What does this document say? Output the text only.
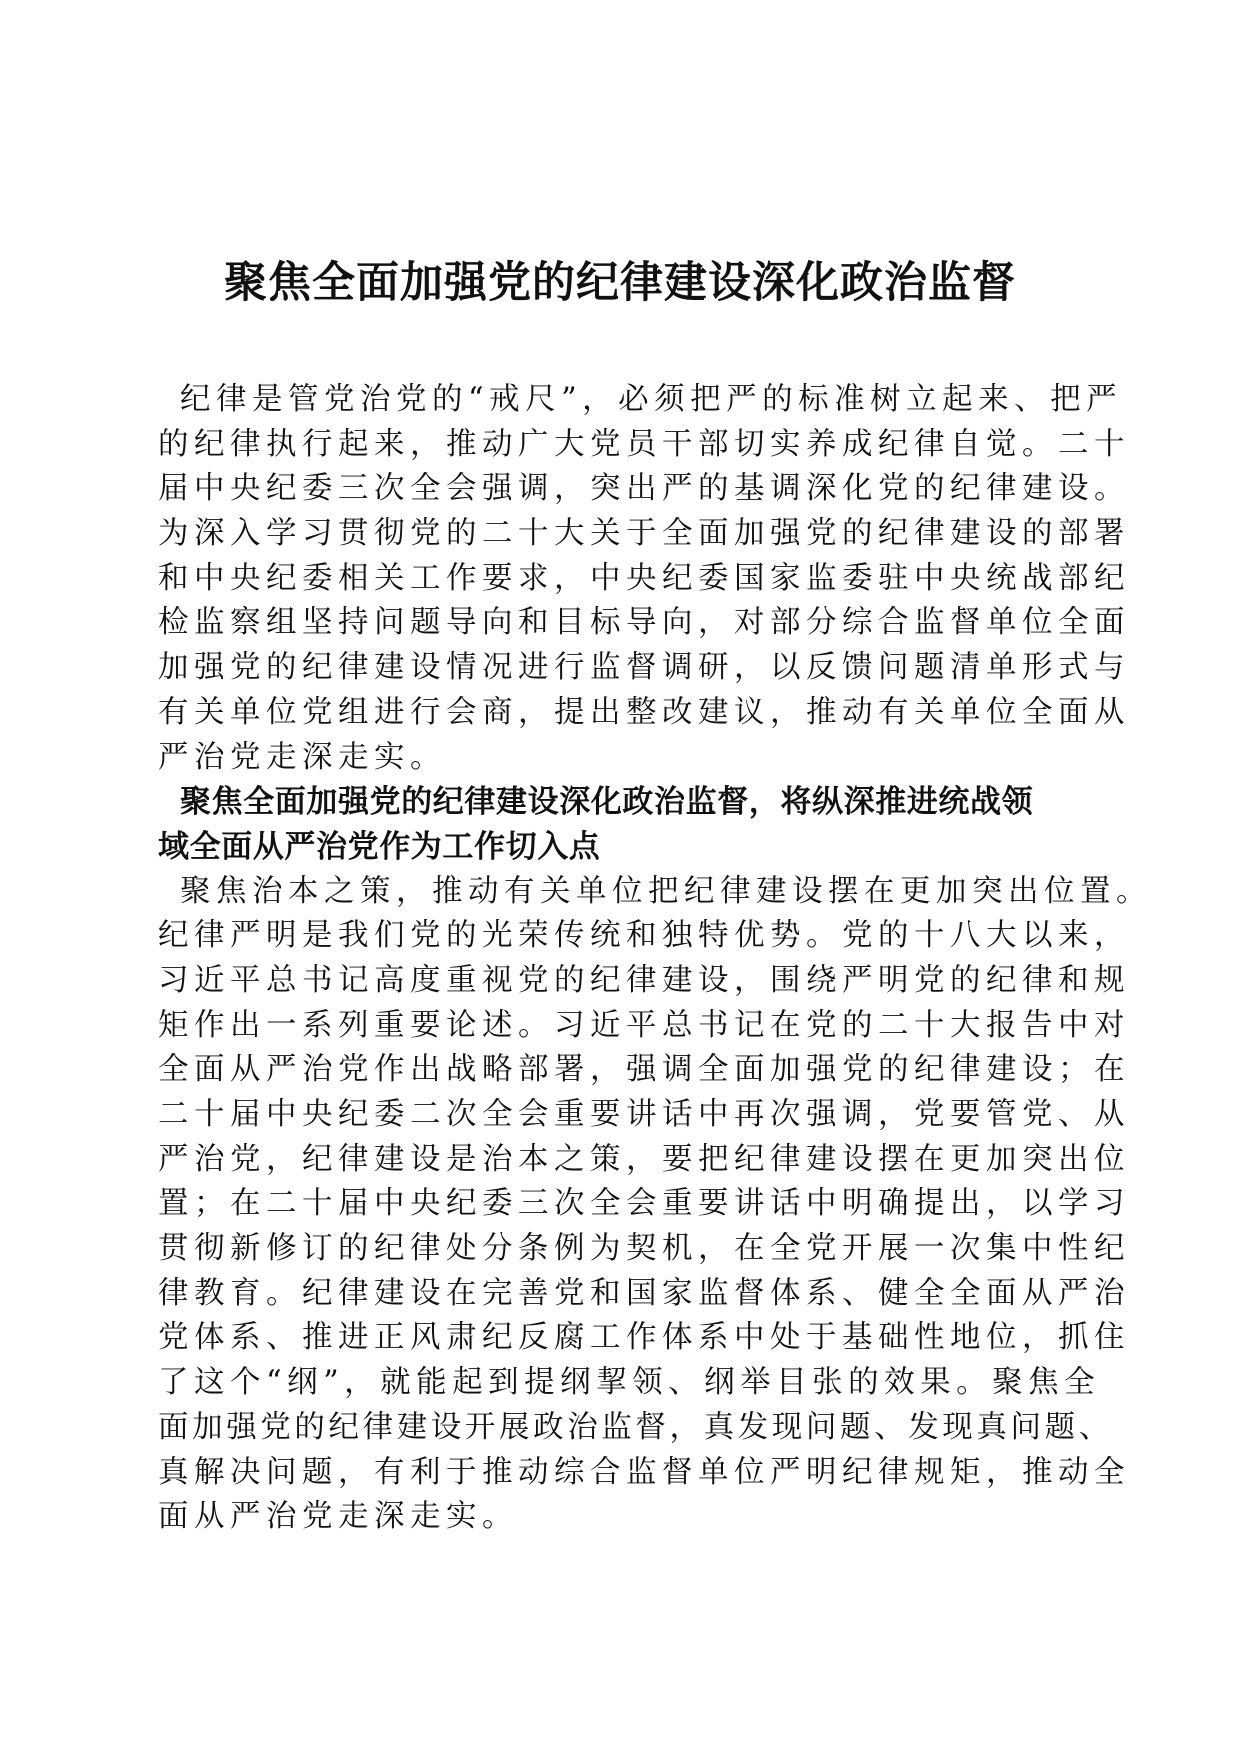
聚焦全面加强党的纪律建设深化政治监督
纪律是管党治党的“戒尺”，必须把严的标准树立起来、把严
的纪律执行起来，推动广大党员干部切实养成纪律自觉。二十
届中央纪委三次全会强调，突出严的基调深化党的纪律建设。
为深入学习贯彻党的二十大关于全面加强党的纪律建设的部署
和中央纪委相关工作要求，中央纪委国家监委驻中央统战部纪
检监察组坚持问题导向和目标导向，对部分综合监督单位全面
加强党的纪律建设情况进行监督调研，以反馈问题清单形式与
有关单位党组进行会商，提出整改建议，推动有关单位全面从
严治党走深走实。
聚焦全面加强党的纪律建设深化政治监督，将纵深推进统战领
域全面从严治党作为工作切入点
聚焦治本之策，推动有关单位把纪律建设摆在更加突出位置。
纪律严明是我们党的光荣传统和独特优势。党的十八大以来，
习近平总书记高度重视党的纪律建设，围绕严明党的纪律和规
矩作出一系列重要论述。习近平总书记在党的二十大报告中对
全面从严治党作出战略部署，强调全面加强党的纪律建设；在
二十届中央纪委二次全会重要讲话中再次强调，党要管党、从
严治党，纪律建设是治本之策，要把纪律建设摆在更加突出位
置；在二十届中央纪委三次全会重要讲话中明确提出，以学习
贯彻新修订的纪律处分条例为契机，在全党开展一次集中性纪
律教育。纪律建设在完善党和国家监督体系、健全全面从严治
党体系、推进正风肃纪反腐工作体系中处于基础性地位，抓住
了这个“纲”，就能起到提纲挈领、纲举目张的效果。聚焦全
面加强党的纪律建设开展政治监督，真发现问题、发现真问题、
真解决问题，有利于推动综合监督单位严明纪律规矩，推动全
面从严治党走深走实。
